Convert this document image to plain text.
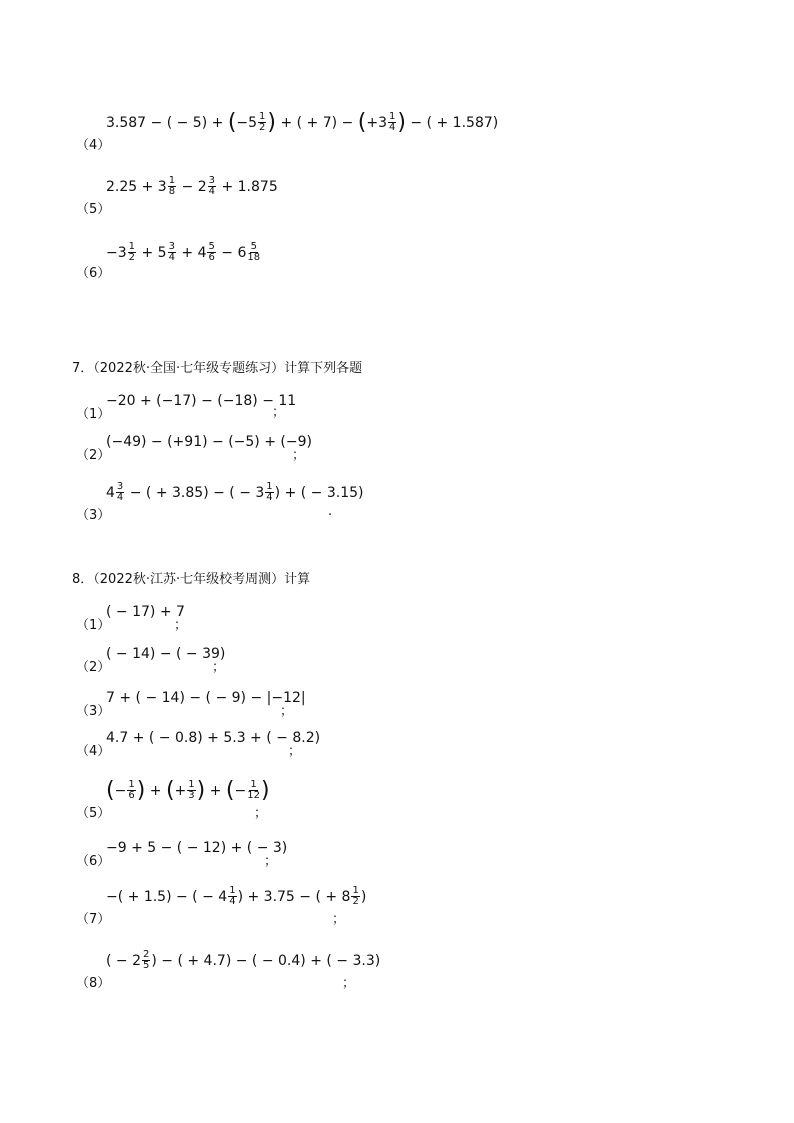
（4）
3.587 − ( − 5) + ( $-5 \frac{1}{2}$ ) + ( + 7) − ( $+3 \frac{1}{4}$ ) − ( + 1.587)
（5）
$2.25 + 3 \frac{1}{8} - 2 \frac{3}{4} + 1.875$
（6）
$-3 \frac{1}{2} + 5 \frac{3}{4} + 4 \frac{5}{6} - 6 \frac{5}{18}$
7．（2022秋·全国·七年级专题练习）计算下列各题
（1）
−20 + (−17) − (−18) − 11
；
（2）
(−49) − (+91) − (−5) + (−9)
；
（3）
$4 \frac{3}{4}$ − ( + 3.85) − ( − $3 \frac{1}{4}$ ) + ( − 3.15)
.
8．（2022秋·江苏·七年级校考周测）计算
（1）
( − 17) + 7
；
（2）
( − 14) − ( − 39)
；
（3）
7 + ( − 14) − ( − 9) − |−12|
；
（4）
4.7 + ( − 0.8) + 5.3 + ( − 8.2)
；
（5）
( − $\frac{1}{6}$ ) + ( + $\frac{1}{3}$ ) + ( − $\frac{1}{12}$ )
；
（6）
−9 + 5 − ( − 12) + ( − 3)
；
（7）
−( + 1.5) − ( − $4 \frac{1}{4}$ ) + 3.75 − ( + $8 \frac{1}{2}$ )
；
（8）
( − $2 \frac{2}{5}$ ) − ( + 4.7) − ( − 0.4) + ( − 3.3)
；
